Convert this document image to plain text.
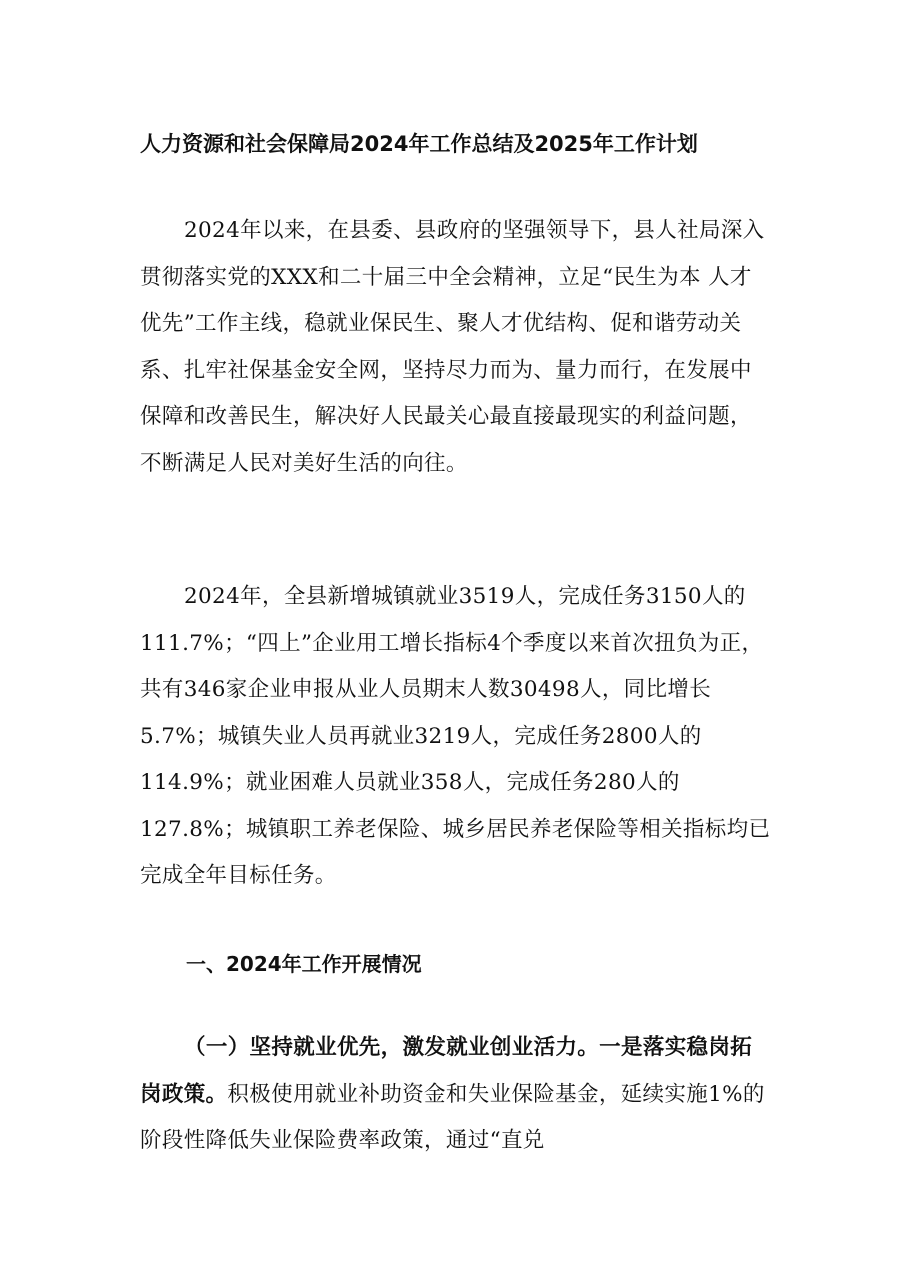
人力资源和社会保障局2024年工作总结及2025年工作计划

2024年以来，在县委、县政府的坚强领导下，县人社局深入贯彻落实党的XXX和二十届三中全会精神，立足“民生为本 人才优先”工作主线，稳就业保民生、聚人才优结构、促和谐劳动关系、扎牢社保基金安全网，坚持尽力而为、量力而行，在发展中保障和改善民生，解决好人民最关心最直接最现实的利益问题，不断满足人民对美好生活的向往。

2024年，全县新增城镇就业3519人，完成任务3150人的111.7%；“四上”企业用工增长指标4个季度以来首次扭负为正，共有346家企业申报从业人员期末人数30498人，同比增长5.7%；城镇失业人员再就业3219人，完成任务2800人的114.9%；就业困难人员就业358人，完成任务280人的127.8%；城镇职工养老保险、城乡居民养老保险等相关指标均已完成全年目标任务。

一、2024年工作开展情况

（一）坚持就业优先，激发就业创业活力。一是落实稳岗拓岗政策。积极使用就业补助资金和失业保险基金，延续实施1%的阶段性降低失业保险费率政策，通过“直兑
